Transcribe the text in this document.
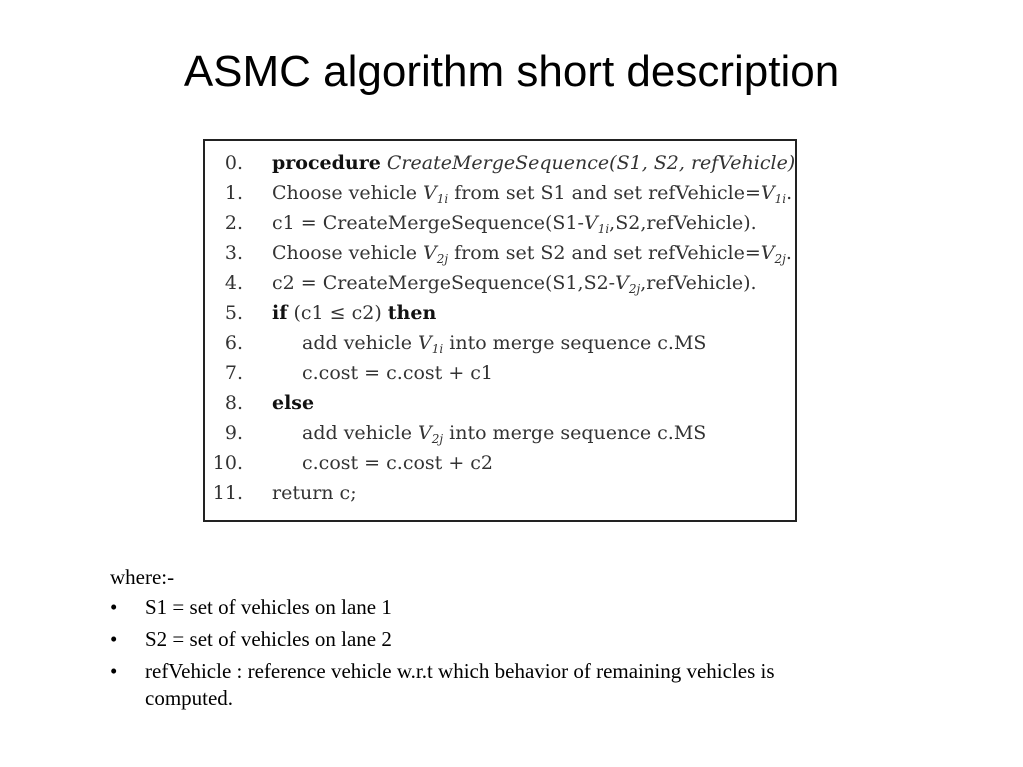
ASMC algorithm short description
0. procedure CreateMergeSequence(S1, S2, refVehicle)
1. Choose vehicle $V_{1i}$ from set S1 and set $refVehicle=V_{1i}$.
2. $c1 = CreateMergeSequence(S1-V_{1i},S2,refVehicle)$.
3. Choose vehicle $V_{2j}$ from set S2 and set $refVehicle=V_{2j}$.
4. $c2 = CreateMergeSequence(S1,S2-V_{2j},refVehicle)$.
5. if (c1 ≤ c2) then
6.	add vehicle $V_{1i}$ into merge sequence c.MS
7.	c.cost = c.cost + c1
8. else
9.	add vehicle $V_{2j}$ into merge sequence c.MS
10.	c.cost = c.cost + c2
11. return c;
where:-
• S1 = set of vehicles on lane 1
• S2 = set of vehicles on lane 2
• refVehicle : reference vehicle w.r.t which behavior of remaining vehicles is computed.
